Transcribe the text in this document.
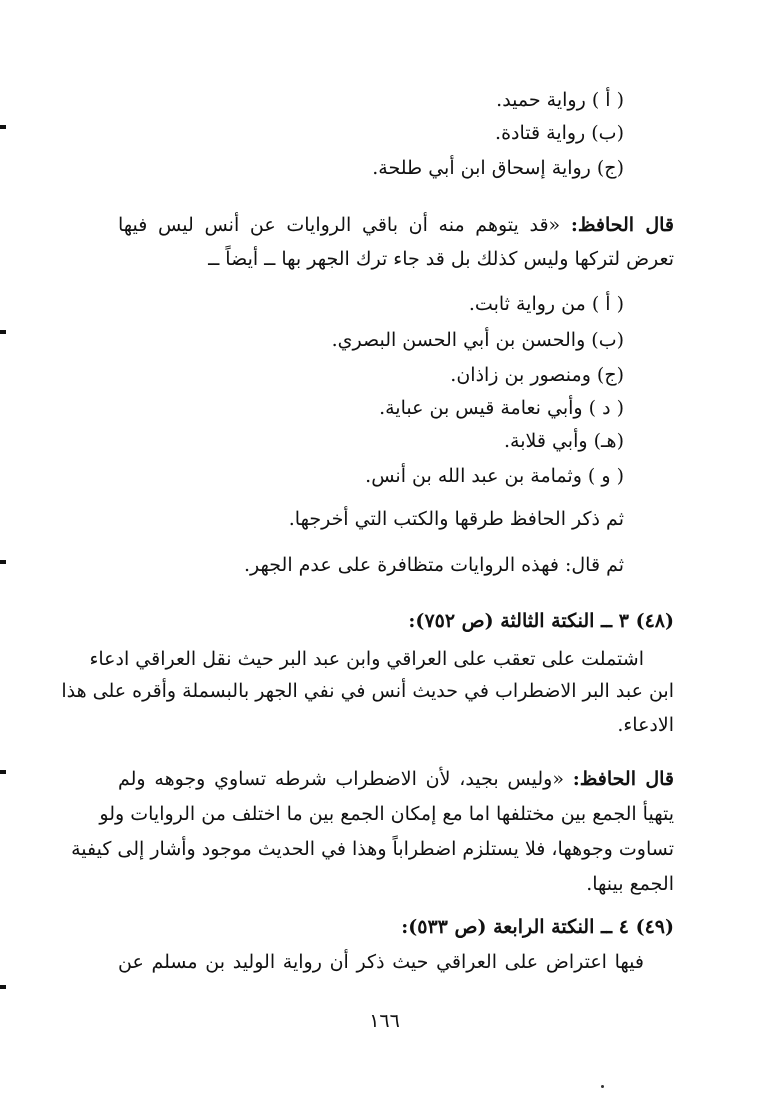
( أ ) رواية حميد.
(ب) رواية قتادة.
(ج) رواية إسحاق ابن أبي طلحة.
قال الحافظ: «قد يتوهم منه أن باقي الروايات عن أنس ليس فيها
تعرض لتركها وليس كذلك بل قد جاء ترك الجهر بها ــ أيضاً ــ
( أ ) من رواية ثابت.
(ب) والحسن بن أبي الحسن البصري.
(ج) ومنصور بن زاذان.
( د ) وأبي نعامة قيس بن عباية.
(هـ) وأبي قلابة.
( و ) وثمامة بن عبد الله بن أنس.
ثم ذكر الحافظ طرقها والكتب التي أخرجها.
ثم قال: فهذه الروايات متظافرة على عدم الجهر.
(٤٨) ٣ ــ النكتة الثالثة (ص ٧٥٢):
اشتملت على تعقب على العراقي وابن عبد البر حيث نقل العراقي ادعاء
ابن عبد البر الاضطراب في حديث أنس في نفي الجهر بالبسملة وأقره على هذا
الادعاء.
قال الحافظ: «وليس بجيد، لأن الاضطراب شرطه تساوي وجوهه ولم
يتهيأ الجمع بين مختلفها اما مع إمكان الجمع بين ما اختلف من الروايات ولو
تساوت وجوهها، فلا يستلزم اضطراباً وهذا في الحديث موجود وأشار إلى كيفية
الجمع بينها.
(٤٩) ٤ ــ النكتة الرابعة (ص ٥٣٣):
فيها اعتراض على العراقي حيث ذكر أن رواية الوليد بن مسلم عن
١٦٦
